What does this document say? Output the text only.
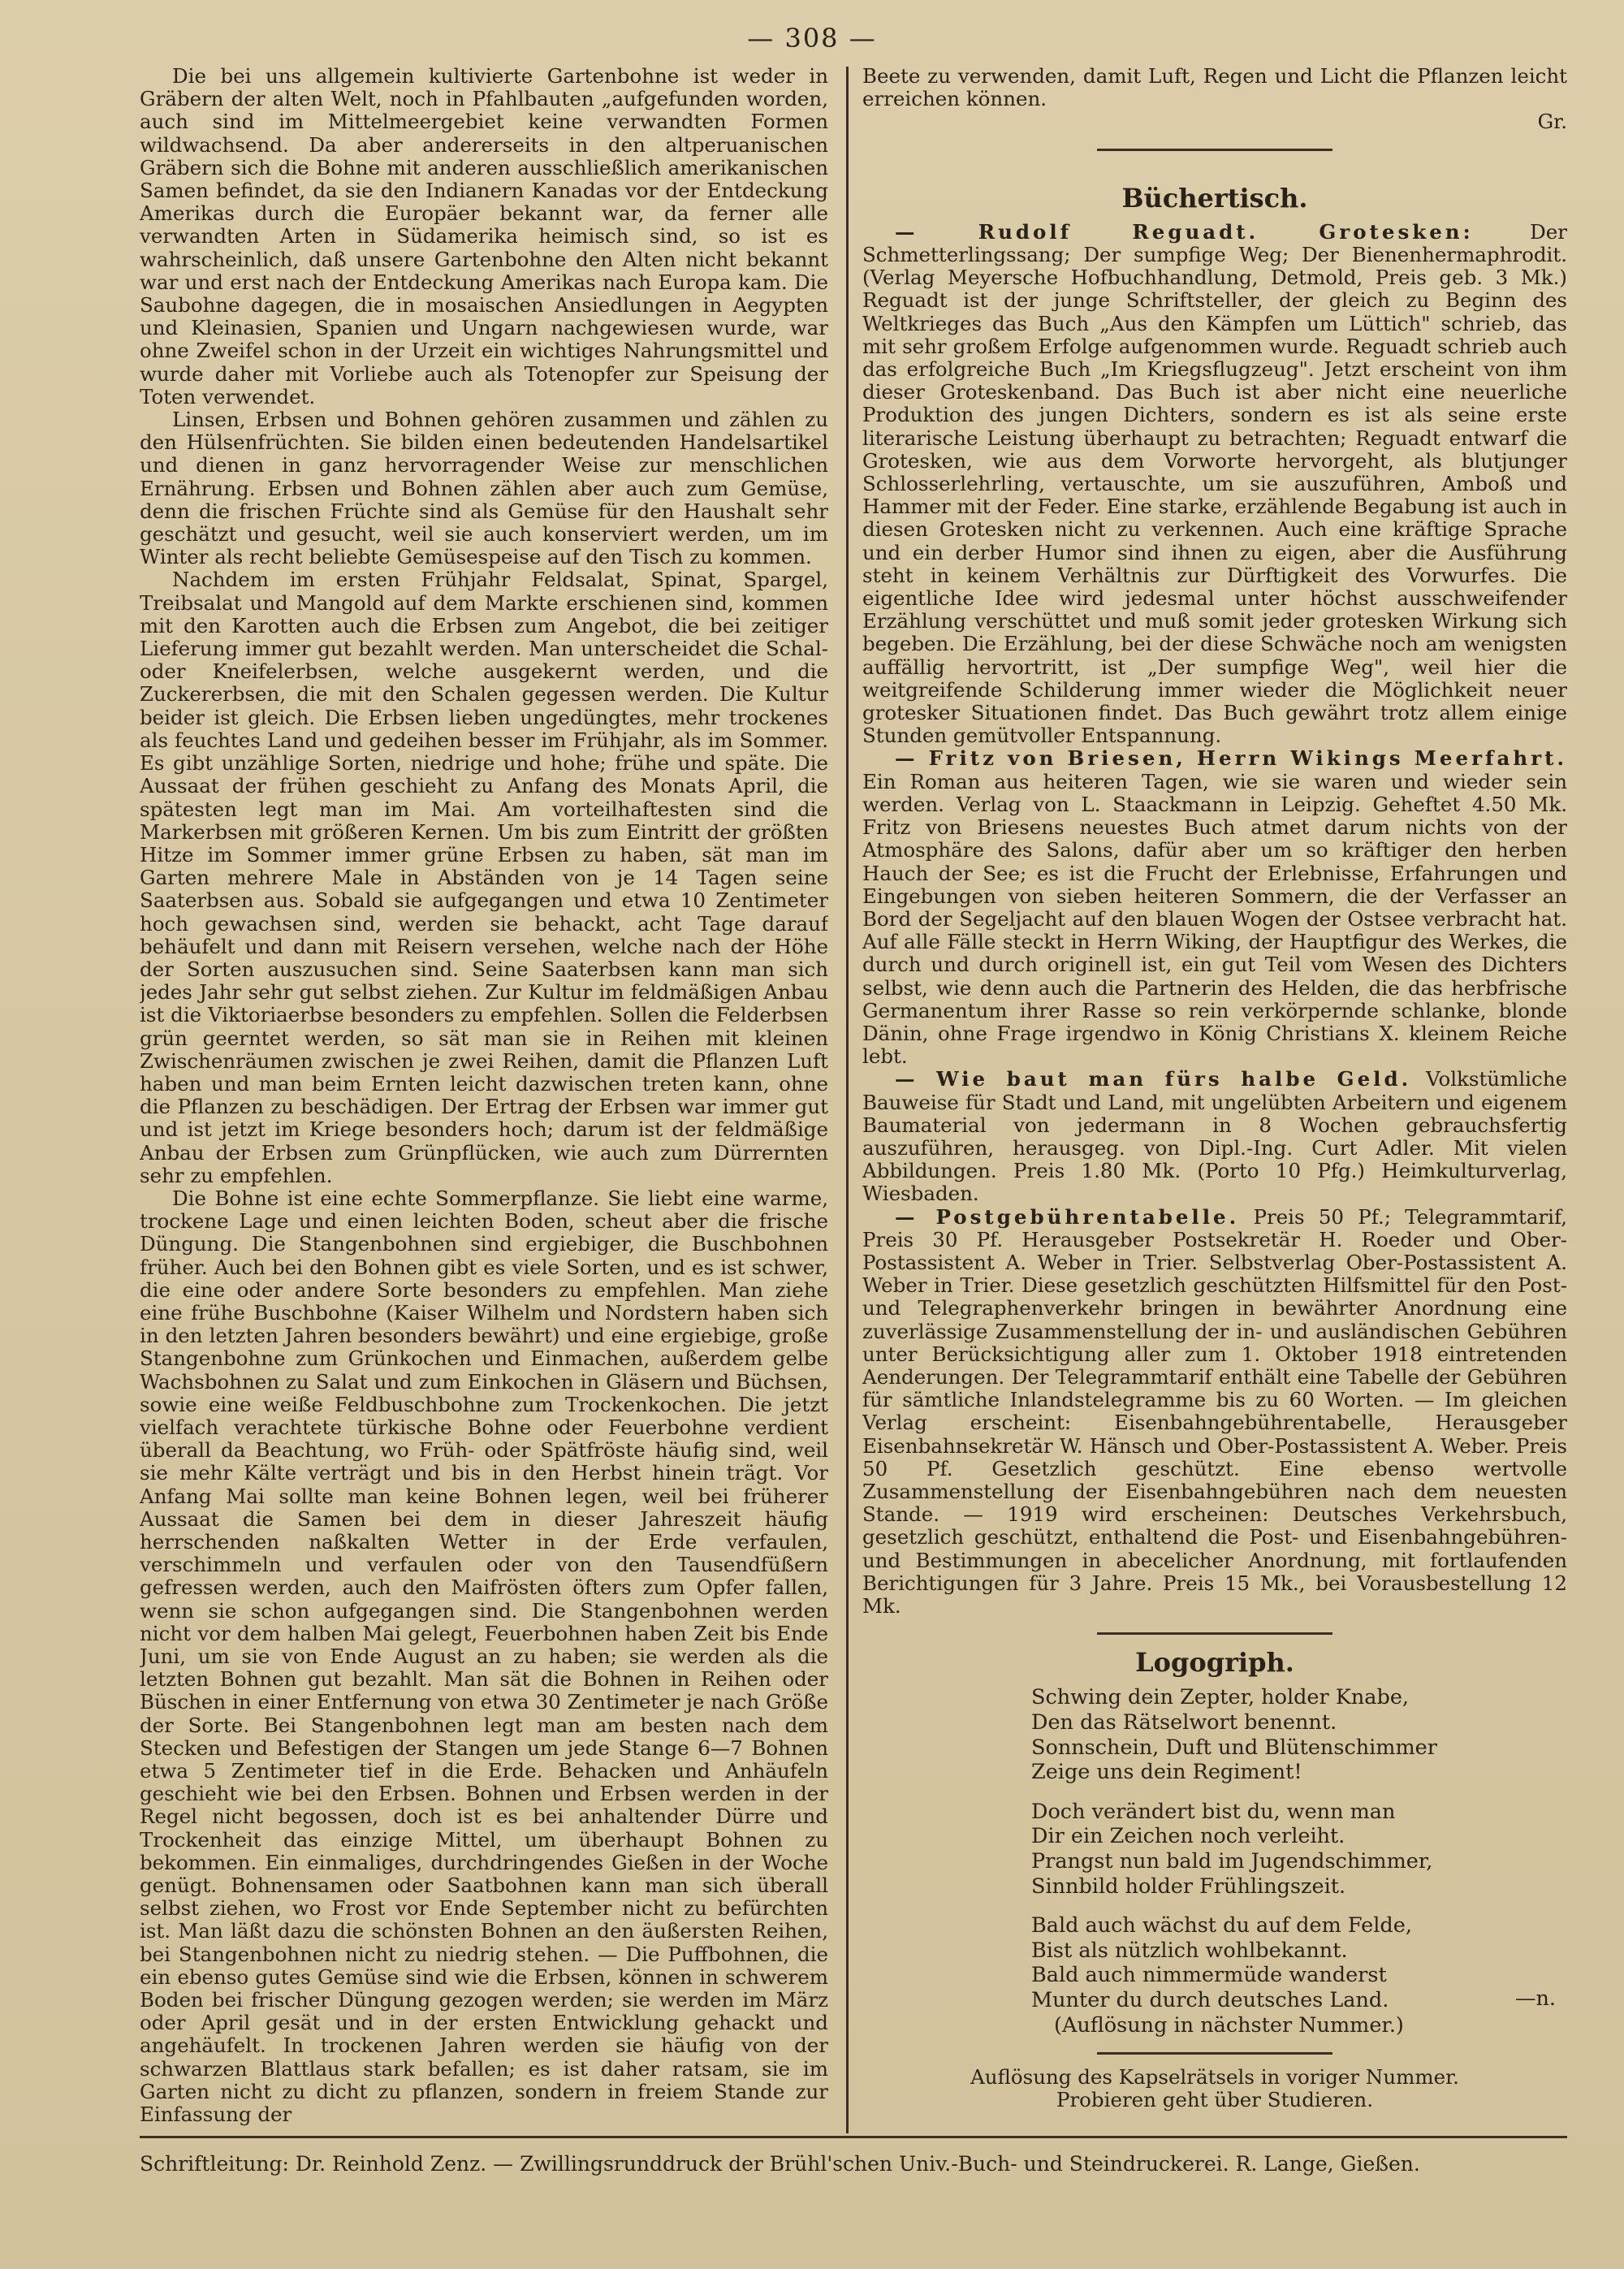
— 308 —

Die bei uns allgemein kultivierte Gartenbohne ist weder in Gräbern der alten Welt, noch in Pfahlbauten „aufgefunden worden, auch sind im Mittelmeergebiet keine verwandten Formen wildwachsend. Da aber andererseits in den altperuanischen Gräbern sich die Bohne mit anderen ausschließlich amerikanischen Samen befindet, da sie den Indianern Kanadas vor der Entdeckung Amerikas durch die Europäer bekannt war, da ferner alle verwandten Arten in Südamerika heimisch sind, so ist es wahrscheinlich, daß unsere Gartenbohne den Alten nicht bekannt war und erst nach der Entdeckung Amerikas nach Europa kam. Die Saubohne dagegen, die in mosaischen Ansiedlungen in Aegypten und Kleinasien, Spanien und Ungarn nachgewiesen wurde, war ohne Zweifel schon in der Urzeit ein wichtiges Nahrungsmittel und wurde daher mit Vorliebe auch als Totenopfer zur Speisung der Toten verwendet.

Linsen, Erbsen und Bohnen gehören zusammen und zählen zu den Hülsenfrüchten. Sie bilden einen bedeutenden Handelsartikel und dienen in ganz hervorragender Weise zur menschlichen Ernährung. Erbsen und Bohnen zählen aber auch zum Gemüse, denn die frischen Früchte sind als Gemüse für den Haushalt sehr geschätzt und gesucht, weil sie auch konserviert werden, um im Winter als recht beliebte Gemüsespeise auf den Tisch zu kommen.

Nachdem im ersten Frühjahr Feldsalat, Spinat, Spargel, Treibsalat und Mangold auf dem Markte erschienen sind, kommen mit den Karotten auch die Erbsen zum Angebot, die bei zeitiger Lieferung immer gut bezahlt werden. Man unterscheidet die Schal- oder Kneifelerbsen, welche ausgekernt werden, und die Zuckererbsen, die mit den Schalen gegessen werden. Die Kultur beider ist gleich. Die Erbsen lieben ungedüngtes, mehr trockenes als feuchtes Land und gedeihen besser im Frühjahr, als im Sommer. Es gibt unzählige Sorten, niedrige und hohe; frühe und späte. Die Aussaat der frühen geschieht zu Anfang des Monats April, die spätesten legt man im Mai. Am vorteilhaftesten sind die Markerbsen mit größeren Kernen. Um bis zum Eintritt der größten Hitze im Sommer immer grüne Erbsen zu haben, sät man im Garten mehrere Male in Abständen von je 14 Tagen seine Saaterbsen aus. Sobald sie aufgegangen und etwa 10 Zentimeter hoch gewachsen sind, werden sie behackt, acht Tage darauf behäufelt und dann mit Reisern versehen, welche nach der Höhe der Sorten auszusuchen sind. Seine Saaterbsen kann man sich jedes Jahr sehr gut selbst ziehen. Zur Kultur im feldmäßigen Anbau ist die Viktoriaerbse besonders zu empfehlen. Sollen die Felderbsen grün geerntet werden, so sät man sie in Reihen mit kleinen Zwischenräumen zwischen je zwei Reihen, damit die Pflanzen Luft haben und man beim Ernten leicht dazwischen treten kann, ohne die Pflanzen zu beschädigen. Der Ertrag der Erbsen war immer gut und ist jetzt im Kriege besonders hoch; darum ist der feldmäßige Anbau der Erbsen zum Grünpflücken, wie auch zum Dürrernten sehr zu empfehlen.

Die Bohne ist eine echte Sommerpflanze. Sie liebt eine warme, trockene Lage und einen leichten Boden, scheut aber die frische Düngung. Die Stangenbohnen sind ergiebiger, die Buschbohnen früher. Auch bei den Bohnen gibt es viele Sorten, und es ist schwer, die eine oder andere Sorte besonders zu empfehlen. Man ziehe eine frühe Buschbohne (Kaiser Wilhelm und Nordstern haben sich in den letzten Jahren besonders bewährt) und eine ergiebige, große Stangenbohne zum Grünkochen und Einmachen, außerdem gelbe Wachsbohnen zu Salat und zum Einkochen in Gläsern und Büchsen, sowie eine weiße Feldbuschbohne zum Trockenkochen. Die jetzt vielfach verachtete türkische Bohne oder Feuerbohne verdient überall da Beachtung, wo Früh- oder Spätfröste häufig sind, weil sie mehr Kälte verträgt und bis in den Herbst hinein trägt. Vor Anfang Mai sollte man keine Bohnen legen, weil bei früherer Aussaat die Samen bei dem in dieser Jahreszeit häufig herrschenden naßkalten Wetter in der Erde verfaulen, verschimmeln und verfaulen oder von den Tausendfüßern gefressen werden, auch den Maifrösten öfters zum Opfer fallen, wenn sie schon aufgegangen sind. Die Stangenbohnen werden nicht vor dem halben Mai gelegt, Feuerbohnen haben Zeit bis Ende Juni, um sie von Ende August an zu haben; sie werden als die letzten Bohnen gut bezahlt. Man sät die Bohnen in Reihen oder Büschen in einer Entfernung von etwa 30 Zentimeter je nach Größe der Sorte. Bei Stangenbohnen legt man am besten nach dem Stecken und Befestigen der Stangen um jede Stange 6—7 Bohnen etwa 5 Zentimeter tief in die Erde. Behacken und Anhäufeln geschieht wie bei den Erbsen. Bohnen und Erbsen werden in der Regel nicht begossen, doch ist es bei anhaltender Dürre und Trockenheit das einzige Mittel, um überhaupt Bohnen zu bekommen. Ein einmaliges, durchdringendes Gießen in der Woche genügt. Bohnensamen oder Saatbohnen kann man sich überall selbst ziehen, wo Frost vor Ende September nicht zu befürchten ist. Man läßt dazu die schönsten Bohnen an den äußersten Reihen, bei Stangenbohnen nicht zu niedrig stehen. — Die Puffbohnen, die ein ebenso gutes Gemüse sind wie die Erbsen, können in schwerem Boden bei frischer Düngung gezogen werden; sie werden im März oder April gesät und in der ersten Entwicklung gehackt und angehäufelt. In trockenen Jahren werden sie häufig von der schwarzen Blattlaus stark befallen; es ist daher ratsam, sie im Garten nicht zu dicht zu pflanzen, sondern in freiem Stande zur Einfassung der

Beete zu verwenden, damit Luft, Regen und Licht die Pflanzen leicht erreichen können.

Gr.

Büchertisch.

— Rudolf Reguadt. Grotesken:	Der Schmetterlingssang; Der sumpfige Weg; Der Bienenhermaphrodit. (Verlag Meyersche Hofbuchhandlung, Detmold, Preis geb. 3 Mk.) Reguadt ist der junge Schriftsteller, der gleich zu Beginn des Weltkrieges das Buch „Aus den Kämpfen um Lüttich" schrieb, das mit sehr großem Erfolge aufgenommen wurde. Reguadt schrieb auch das erfolgreiche Buch „Im Kriegsflugzeug". Jetzt erscheint von ihm dieser Groteskenband. Das Buch ist aber nicht eine neuerliche Produktion des jungen Dichters, sondern es ist als seine erste literarische Leistung überhaupt zu betrachten; Reguadt entwarf die Grotesken, wie aus dem Vorworte hervorgeht, als blutjunger Schlosserlehrling, vertauschte, um sie auszuführen, Amboß und Hammer mit der Feder. Eine starke, erzählende Begabung ist auch in diesen Grotesken nicht zu verkennen. Auch eine kräftige Sprache und ein derber Humor sind ihnen zu eigen, aber die Ausführung steht in keinem Verhältnis zur Dürftigkeit des Vorwurfes. Die eigentliche Idee wird jedesmal unter höchst ausschweifender Erzählung verschüttet und muß somit jeder grotesken Wirkung sich begeben. Die Erzählung, bei der diese Schwäche noch am wenigsten auffällig hervortritt, ist „Der sumpfige Weg", weil hier die weitgreifende Schilderung immer wieder die Möglichkeit neuer grotesker Situationen findet. Das Buch gewährt trotz allem einige Stunden gemütvoller Entspannung.

— Fritz von Briesen, Herrn Wikings Meerfahrt. Ein Roman aus heiteren Tagen, wie sie waren und wieder sein werden. Verlag von L. Staackmann in Leipzig. Geheftet 4.50 Mk. Fritz von Briesens neuestes Buch atmet darum nichts von der Atmosphäre des Salons, dafür aber um so kräftiger den herben Hauch der See; es ist die Frucht der Erlebnisse, Erfahrungen und Eingebungen von sieben heiteren Sommern, die der Verfasser an Bord der Segeljacht auf den blauen Wogen der Ostsee verbracht hat. Auf alle Fälle steckt in Herrn Wiking, der Hauptfigur des Werkes, die durch und durch originell ist, ein gut Teil vom Wesen des Dichters selbst, wie denn auch die Partnerin des Helden, die das herbfrische Germanentum ihrer Rasse so rein verkörpernde schlanke, blonde Dänin, ohne Frage irgendwo in König Christians X. kleinem Reiche lebt.

— Wie baut man fürs halbe Geld. Volkstümliche Bauweise für Stadt und Land, mit ungelübten Arbeitern und eigenem Baumaterial von jedermann in 8 Wochen gebrauchsfertig auszuführen, herausgeg. von Dipl.-Ing. Curt Adler. Mit vielen Abbildungen. Preis 1.80 Mk. (Porto 10 Pfg.) Heimkulturverlag, Wiesbaden.

— Postgebührentabelle. Preis 50 Pf.; Telegrammtarif, Preis 30 Pf. Herausgeber Postsekretär H. Roeder und Ober-Postassistent A. Weber in Trier. Selbstverlag Ober-Postassistent A. Weber in Trier. Diese gesetzlich geschützten Hilfsmittel für den Post- und Telegraphenverkehr bringen in bewährter Anordnung eine zuverlässige Zusammenstellung der in- und ausländischen Gebühren unter Berücksichtigung aller zum 1. Oktober 1918 eintretenden Aenderungen. Der Telegrammtarif enthält eine Tabelle der Gebühren für sämtliche Inlandstelegramme bis zu 60 Worten. — Im gleichen Verlag erscheint: Eisenbahngebührentabelle, Herausgeber Eisenbahnsekretär W. Hänsch und Ober-Postassistent A. Weber. Preis 50 Pf. Gesetzlich geschützt. Eine ebenso wertvolle Zusammenstellung der Eisenbahngebühren nach dem neuesten Stande. — 1919 wird erscheinen: Deutsches Verkehrsbuch, gesetzlich geschützt, enthaltend die Post- und Eisenbahngebühren- und Bestimmungen in abecelicher Anordnung, mit fortlaufenden Berichtigungen für 3 Jahre. Preis 15 Mk., bei Vorausbestellung 12 Mk.

Logogriph.
Schwing dein Zepter, holder Knabe,
Den das Rätselwort benennt.
Sonnschein, Duft und Blütenschimmer
Zeige uns dein Regiment!
Doch verändert bist du, wenn man
Dir ein Zeichen noch verleiht.
Prangst nun bald im Jugendschimmer,
Sinnbild holder Frühlingszeit.
Bald auch wächst du auf dem Felde,
Bist als nützlich wohlbekannt.
Bald auch nimmermüde wanderst
Munter du durch deutsches Land.	—n.
(Auflösung in nächster Nummer.)

Auflösung des Kapselrätsels in voriger Nummer.

Probieren geht über Studieren.

Schriftleitung: Dr. Reinhold Zenz. — Zwillingsrunddruck der Brühl'schen Univ.-Buch- und Steindruckerei. R. Lange, Gießen.
